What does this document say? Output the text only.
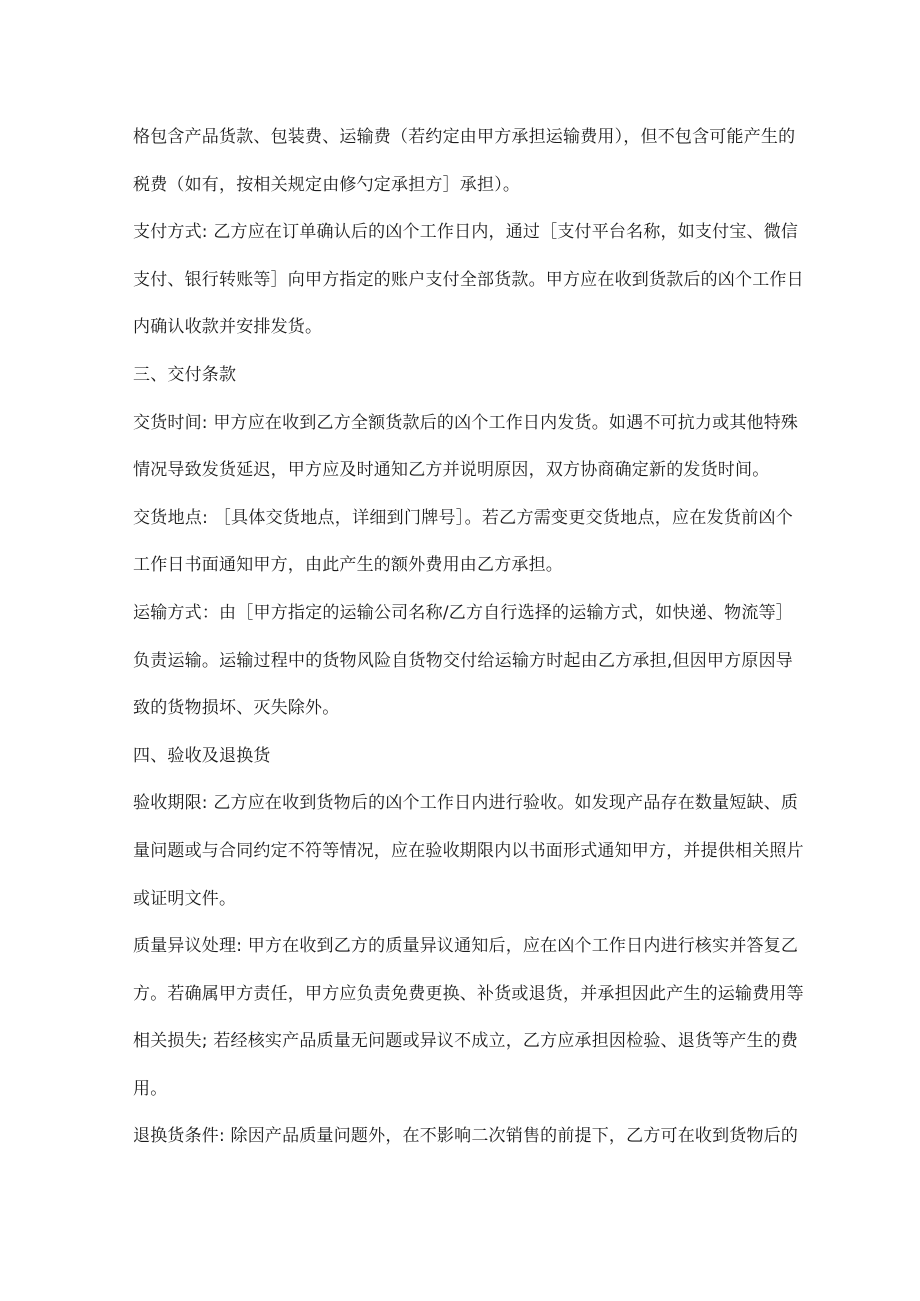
格包含产品货款、包装费、运输费（若约定由甲方承担运输费用），但不包含可能产生的
税费（如有，按相关规定由修勺定承担方］承担）。
支付方式: 乙方应在订单确认后的凶个工作日内，通过［支付平台名称，如支付宝、微信
支付、银行转账等］向甲方指定的账户支付全部货款。甲方应在收到货款后的凶个工作日
内确认收款并安排发货。
三、交付条款
交货时间: 甲方应在收到乙方全额货款后的凶个工作日内发货。如遇不可抗力或其他特殊
情况导致发货延迟，甲方应及时通知乙方并说明原因，双方协商确定新的发货时间。
交货地点: ［具体交货地点，详细到门牌号］。若乙方需变更交货地点，应在发货前凶个
工作日书面通知甲方，由此产生的额外费用由乙方承担。
运输方式：由［甲方指定的运输公司名称/乙方自行选择的运输方式，如快递、物流等］
负责运输。运输过程中的货物风险自货物交付给运输方时起由乙方承担,但因甲方原因导
致的货物损坏、灭失除外。
四、验收及退换货
验收期限: 乙方应在收到货物后的凶个工作日内进行验收。如发现产品存在数量短缺、质
量问题或与合同约定不符等情况，应在验收期限内以书面形式通知甲方，并提供相关照片
或证明文件。
质量异议处理: 甲方在收到乙方的质量异议通知后，应在凶个工作日内进行核实并答复乙
方。若确属甲方责任，甲方应负责免费更换、补货或退货，并承担因此产生的运输费用等
相关损失; 若经核实产品质量无问题或异议不成立，乙方应承担因检验、退货等产生的费
用。
退换货条件: 除因产品质量问题外，在不影响二次销售的前提下，乙方可在收到货物后的
